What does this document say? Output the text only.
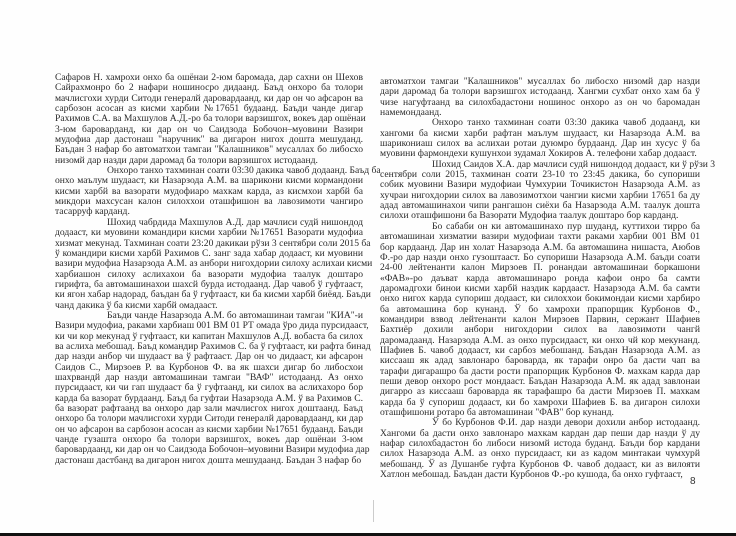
Сафаров Н. хамрохи онхо ба ошёнаи 2-юм баромада, дар сахни он Шехов
Сайрахмонро бо 2 нафари ношиносро дидаанд. Баъд онхоро ба толори
мачлисгохи хурди Ситоди генералй даровардаанд, ки дар он чо афсарон ва
сарбозон асосан аз кисми харбии №17651 будаанд. Баъди чанде дигар
Рахимов С.А. ва Махшулов А.Д.-ро ба толори варзишгох, вокеъ дар ошёнаи
3-юм бароварданд, ки дар он чо Саидзода Бобочон–муовини Вазири
мудофиа дар дастонаш "наручник" ва дигарон нигох дошта мешуданд.
Баъдан 3 нафар бо автоматхои тамгаи "Калашников" мусаллах бо либосхо
низомй дар назди дари даромад ба толори варзишгох истодаанд.
Онхоро танхо тахминан соати 03:30 дакика чавоб додаанд. Баъд ба
онхо маълум шудааст, ки Назарзода А.М. ва шарикони кисми кормандони
кисми харбй ва вазорати мудофиаро махкам карда, аз кисмхои харбй ба
микдори махсусан калон силоххои оташфишон ва лавозимоти чангиро
тасарруф карданд.
Шохид чабрдида Махшулов А.Д. дар мачлиси судй нишондод
додааст, ки муовини командири кисми харбии №17651 Вазорати мудофиа
хизмат мекунад. Тахминан соати 23:20 дакикаи рўзи 3 сентябри соли 2015 ба
ў командири кисми харбй Рахимов С. занг зада хабар додааст, ки муовини
вазири мудофиа Назарзода А.М. аз анбори нигохдории силоху аслихаи кисми
харбиашон силоху аслихахои ба вазорати мудофиа таалук доштаро
гирифта, ба автомашинахои шахсй бурда истодаанд. Дар чавоб ў гуфтааст,
ки ягон хабар надорад, баъдан ба ў гуфтааст, ки ба кисми харбй биёяд. Баъди
чанд дакика ў ба кисми харбй омадааст.
Баъди чанде Назарзода А.М. бо автомашинаи тамгаи "КИА"-и
Вазири мудофиа, раками харбиаш 001 ВМ 01 РТ омада ўро дида пурсидааст,
ки чи кор мекунад ў гуфтааст, ки капитан Махшулов А.Д. вобаста ба силох
ва аслиха мебошад. Баъд командир Рахимов С. ба ў гуфтааст, ки рафта бинад
дар назди анбор чи шудааст ва ў рафтааст. Дар он чо дидааст, ки афсарон
Саидов С., Мирзоев Р. ва Курбонов Ф. ва як шахси дигар бо либосхои
шахрвандй дар назди автомашинаи тамгаи "ВАФ" истодаанд. Аз онхо
пурсидааст, ки чи гап шудааст ба ў гуфтаанд, ки силох ва аслихахоро бор
карда ба вазорат бурдаанд. Баъд ба гуфтаи Назарзода А.М. ў ва Рахимов С.
ба вазорат рафтаанд ва онхоро дар зали мачлисгох нигох доштаанд. Баъд
онхоро ба толори мачлисгохи хурди Ситоди генералй даровардаанд, ки дар
он чо афсарон ва сарбозон асосан аз кисми харбии №17651 будаанд. Баъди
чанде гузашта онхоро ба толори варзишгох, вокеъ дар ошёнаи 3-юм
баровардаанд, ки дар он чо Саидзода Бобочон–муовини Вазири мудофиа дар
дастонаш дастбанд ва дигарон нигох дошта мешудаанд. Баъдан 3 нафар бо
автоматхои тамгаи "Калашников" мусаллах бо либосхо низомй дар назди
дари даромад ба толори варзишгох истодаанд. Хангми сухбат онхо хам ба ў
чизе нагуфтаанд ва силохбадастони ношинос онхоро аз он чо баромадан
намемондаанд.
Онхоро танхо тахминан соати 03:30 дакика чавоб додаанд, ки
хангоми ба кисми харби рафтан маълум шудааст, ки Назарзода А.М. ва
шарикониаш силох ва аслихаи ротаи дуюмро бурдаанд. Дар ин хусус ў ба
муовини фармондехи кушунхои зудамал Хокиров А. телефони хабар додааст.
Шохид Саидов Х.А. дар мачлиси судй нишондод додааст, ки ў рўзи 3
сентябри соли 2015, тахминан соати 23-10 то 23:45 дакика, бо супориши
собик муовини Вазири мудофиаи Чумхурии Точикистон Назарзода А.М. аз
хучраи нигохдории силох ва лавозимотхои чангии кисми харбии 17651 ба ду
адад автомашинахои чипи рангашон сиёхи ба Назарзода А.М. таалук дошта
силохи оташфишони ба Вазорати Мудофиа таалук доштаро бор карданд.
Бо сабаби он ки автомашинахо пур шуданд, куттихои тирро ба
автомашинаи хизматии вазири мудофиаи тахти раками харбии 001 ВМ 01
бор кардаанд. Дар ин холат Назарзода А.М. ба автомашина нишаста, Аюбов
Ф.-ро дар назди онхо гузоштааст. Бо супориши Назарзода А.М. баъди соати
24-00 лейтенанти калон Мирзоев П. ронандаи автомашинаи боркашони
«ФАВ»-ро даъват карда автомашинаро ронда кафои онро ба самти
даромадгохи бинои кисми харбй наздик кардааст. Назарзода А.М. ба самти
онхо нигох карда супориш додааст, ки силоххои бокимондаи кисми харбиро
ба автомашина бор кунанд. Ў бо хамрохи прапорщик Курбонов Ф.,
командири взвод лейтенанти калон Мирзоев Парвин, сержант Шафиев
Бахтиёр дохили анбори нигохдории силох ва лавозимоти чангй
даромадаанд. Назарзода А.М. аз онхо пурсидааст, ки онхо чй кор мекунанд.
Шафиев Б. чавоб додааст, ки сарбоз мебошанд. Баъдан Назарзода А.М. аз
киссааш як адад завлонаро бароварда, як тарафи онро ба дасти чап ва
тарафи дигарашро ба дасти рости прапорщик Курбонов Ф. махкам карда дар
пеши девор онхоро рост мондааст. Баъдан Назарзода А.М. як адад завлонаи
дигарро аз киссааш бароварда як тарафашро ба дасти Мирзоев П. махкам
карда ба ў супориш додааст, ки бо хамрохи Шафиев Б. ва дигарон силохи
оташфишони ротаро ба автомашинаи "ФАВ" бор кунанд.
Ў бо Курбонов Ф.И. дар назди девори дохили анбор истодаанд.
Хангоми ба дасти онхо завлонаро махкам кардан дар пеши дар назди ў ду
нафар силохбадастон бо либоси низомй истода буданд. Баъди бор кардани
силох Назарзода А.М. аз онхо пурсидааст, ки аз кадом минтакаи чумхурй
мебошанд. Ў аз Душанбе гуфта Курбонов Ф. чавоб додааст, ки аз вилояти
Хатлон мебошад. Баъдан дасти Курбонов Ф.-ро кушода, ба онхо гуфтааст,
8
